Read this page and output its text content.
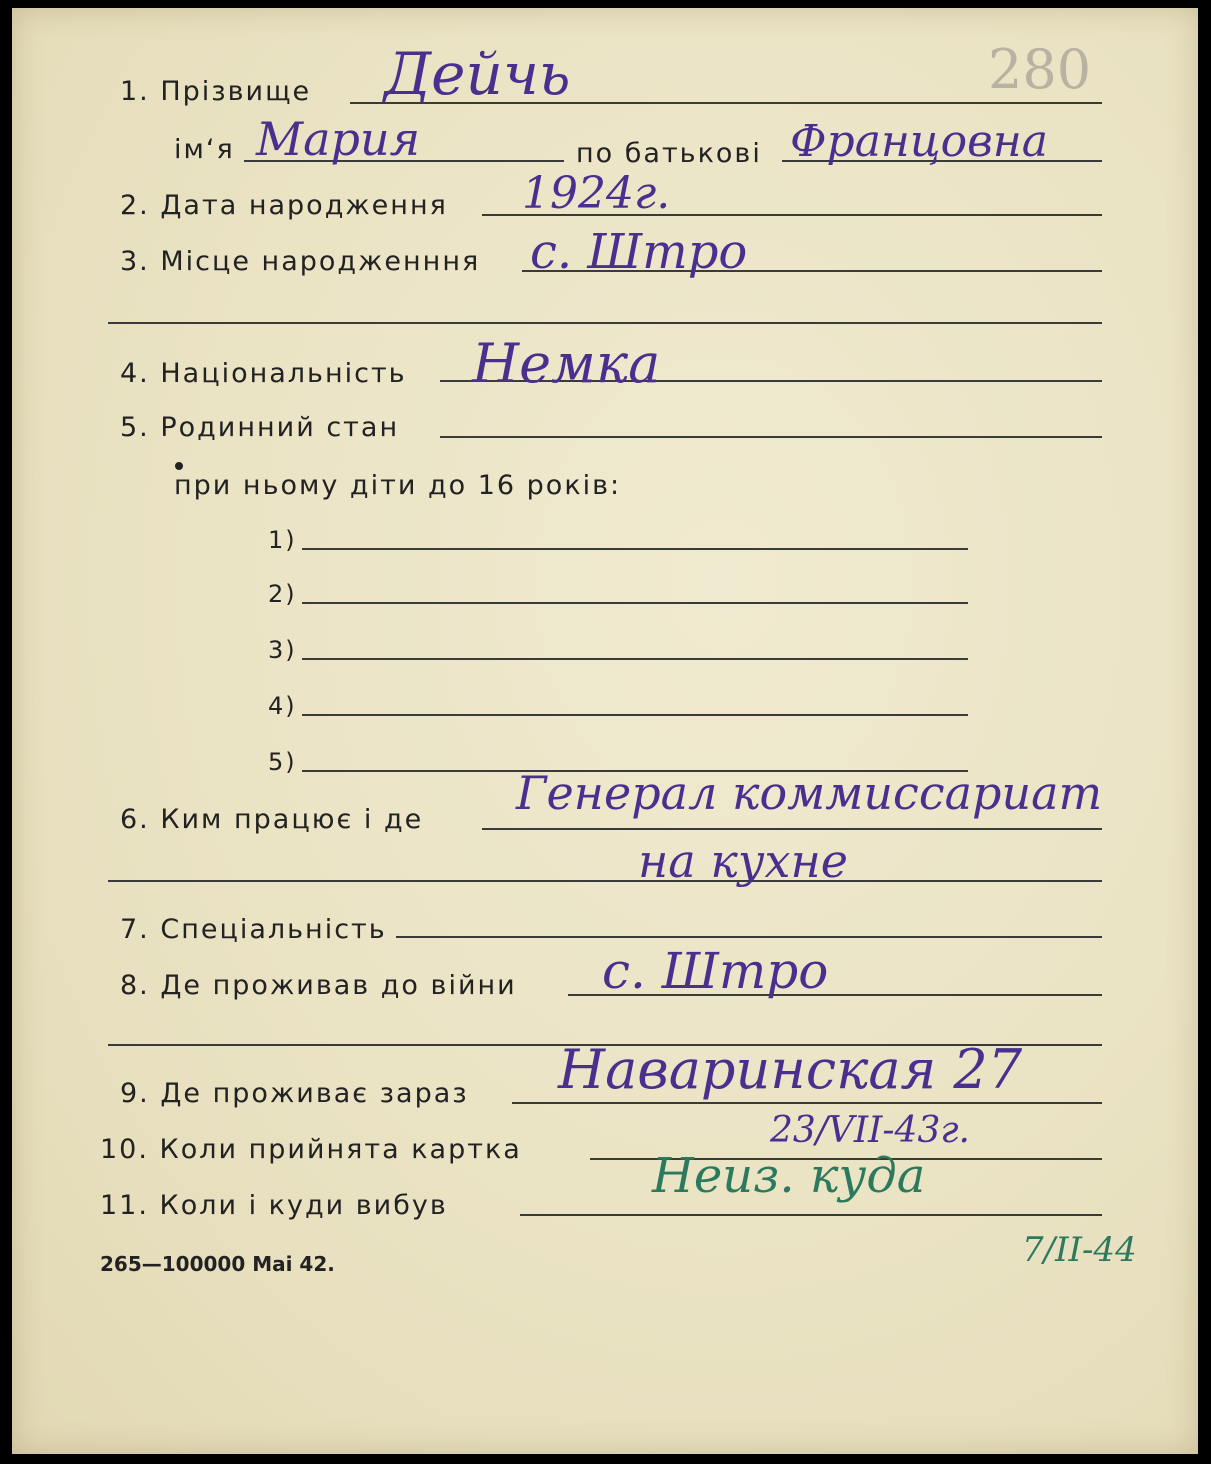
280
1. Прізвище Дейчь
ім‘я Мария	по батькові Францовна
2. Дата народження 1924г.
3. Місце народженння с. Штро
4. Національність Немка
5. Родинний стан
при ньому діти до 16 років:
1)
2)
3)
4)
5)
6. Ким працює і де Генерал коммиссариат
на кухне
7. Спеціальність
8. Де проживав до війни с. Штро
9. Де проживає зараз Наваринская 27
10. Коли прийнята картка	23/VII-43г.
11. Коли і куди вибув
Неиз. куда
7/II-44
265—100000 Mai 42.
